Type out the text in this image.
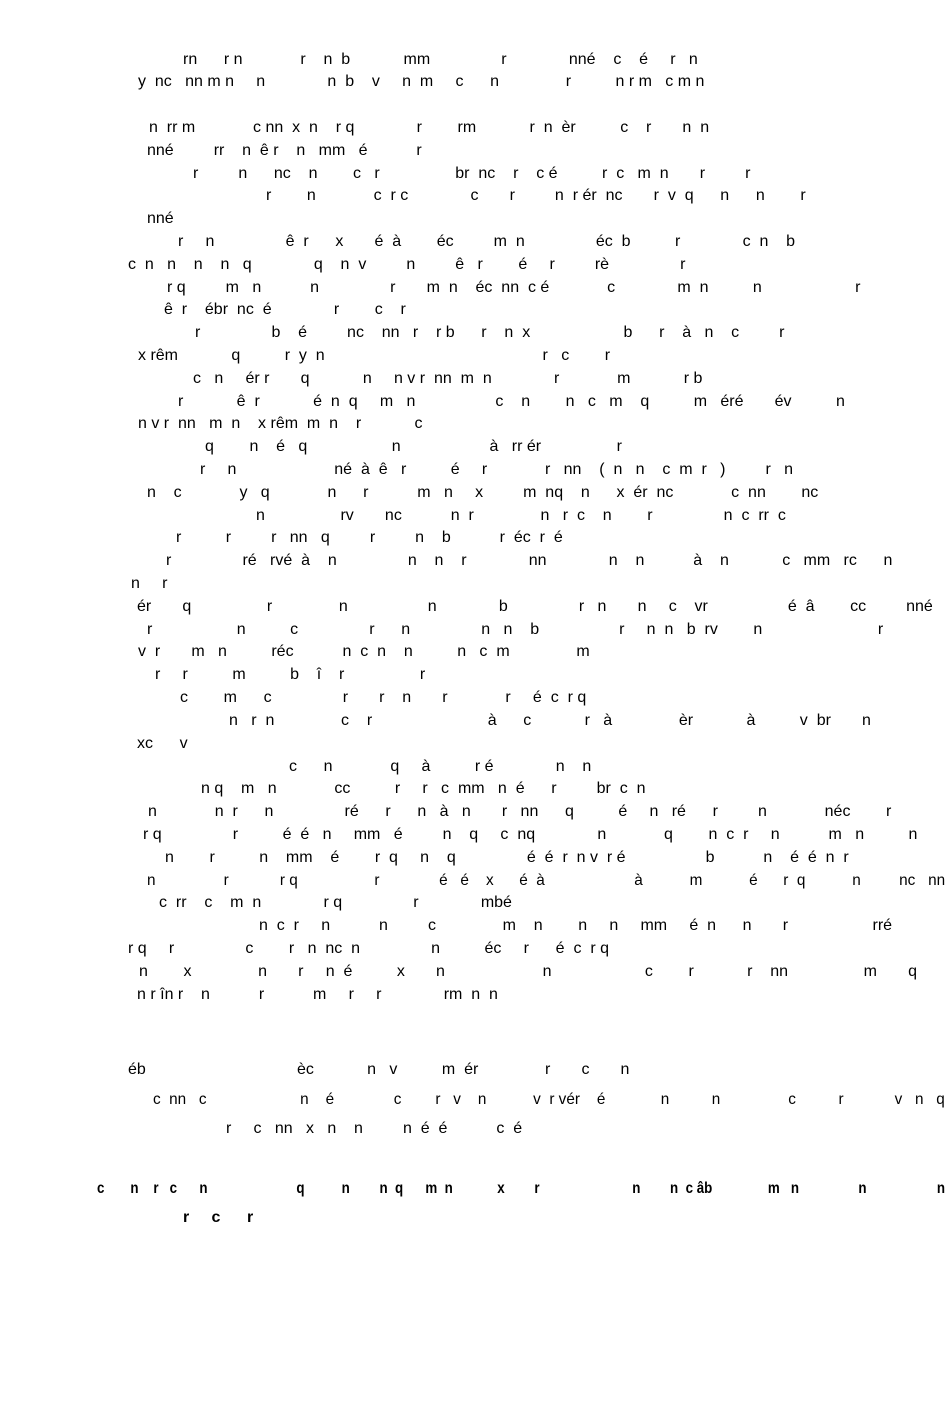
rn      r n             r    n  b            mm                r              nné    c    é     r   n
y  nc   nn m n     n              n  b    v     n  m     c      n               r          n r m   c m n
n  rr m             c nn  x  n    r q              r        rm            r  n  èr          c    r       n  n
nné         rr    n  ê r    n   mm   é           r
r         n      nc    n        c   r                 br  nc    r    c é          r  c   m  n       r         r
r        n             c  r c              c       r         n  r ér  nc       r  v  q      n      n        r
nné
r     n                ê  r      x       é  à        éc         m  n                éc  b          r              c  n    b
c  n   n    n    n   q              q    n  v         n         ê   r        é     r         rè                r
r q         m   n           n                r       m  n    éc  nn  c é             c              m  n          n                     r
ê  r    ébr  nc  é              r        c    r
r                b    é         nc    nn   r    r b      r    n  x                     b      r    à   n    c         r
x rêm            q          r  y  n                                                 r   c        r
c   n     ér r       q            n     n v r  nn  m  n              r             m            r b
r            ê  r            é  n  q     m   n                  c    n        n   c   m    q          m   éré       év          n
n v r  nn   m  n    x rêm  m  n    r            c
q        n    é   q                   n                    à   rr ér                 r
r     n                      né  à  ê   r          é     r             r   nn    (  n   n    c  m  r   )         r   n
n    c             y   q             n      r           m   n     x         m  nq    n      x  ér  nc             c  nn        nc
n                 rv       nc           n  r               n   r  c    n        r                n  c  rr  c
r          r         r   nn   q         r         n    b           r  éc  r  é
r                ré   rvé  à    n                n    n    r              nn              n    n           à    n            c   mm   rc      n
n     r
ér       q                 r               n                  n              b                r   n       n     c    vr                  é  â        cc         nné
r                   n          c                r      n                n   n    b                  r     n  n   b  rv        n                          r
v  r       m   n          réc           n  c  n    n          n   c  m               m
r     r          m          b    î    r                 r
c        m      c                r       r    n       r             r     é  c  r q
n   r  n               c    r                          à      c            r   à               èr            à          v  br       n
xc      v
c      n             q     à          r é              n    n
n q    m   n             cc          r     r   c  mm   n  é      r         br  c  n
n             n  r      n                ré      r      n   à   n       r   nn      q          é     n   ré      r         n             néc        r
r q                r          é  é   n     mm   é         n    q     c  nq              n             q        n  c  r     n           m   n          n
n        r          n    mm    é        r  q     n    q                é  é  r  n v  r é                  b           n    é  é  n  r
n                r            r q                  r              é   é    x      é  à                     à           m           é      r  q           n         nc   nn
c  rr    c    m  n              r q                r              mbé
n  c  r     n           n         c               m    n        n     n     mm     é  n      n       r                   rré
r q     r                c        r   n  nc  n                n          éc     r      é  c  r q
n        x               n       r     n  é          x       n                      n                     c        r            r    nn                 m       q
n r în r    n           r           m     r     r              rm  n  n
éb                                  èc            n   v          m  ér               r       c       n
c  nn   c                      n    é              c        r   v    n           v  r vér    é             n          n                c          r            v   n   q
r     c   nn   x   n    n         n  é  é           c  é
c       n    r   c      n                        q          n        n  q      m  n            x        r                         n        n  c âb               m   n                n                   n
r     c      r
